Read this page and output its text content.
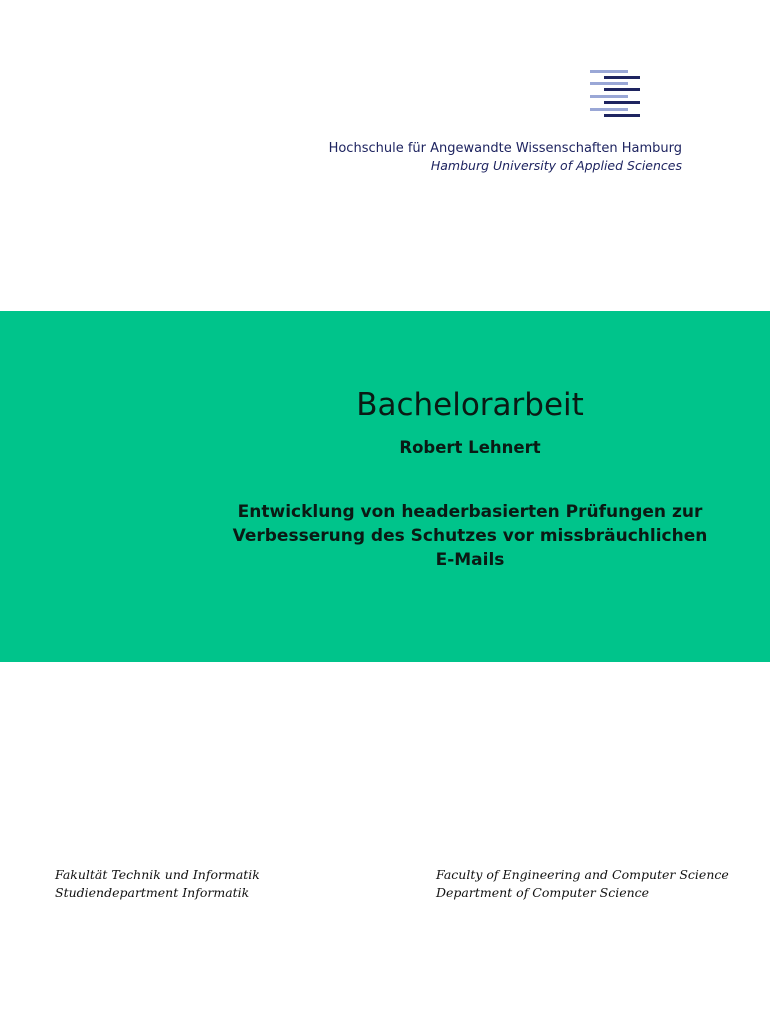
Hochschule für Angewandte Wissenschaften Hamburg
Hamburg University of Applied Sciences
Bachelorarbeit
Robert Lehnert
Entwicklung von headerbasierten Prüfungen zur
Verbesserung des Schutzes vor missbräuchlichen
E-Mails
Fakultät Technik und Informatik
Studiendepartment Informatik
Faculty of Engineering and Computer Science
Department of Computer Science
